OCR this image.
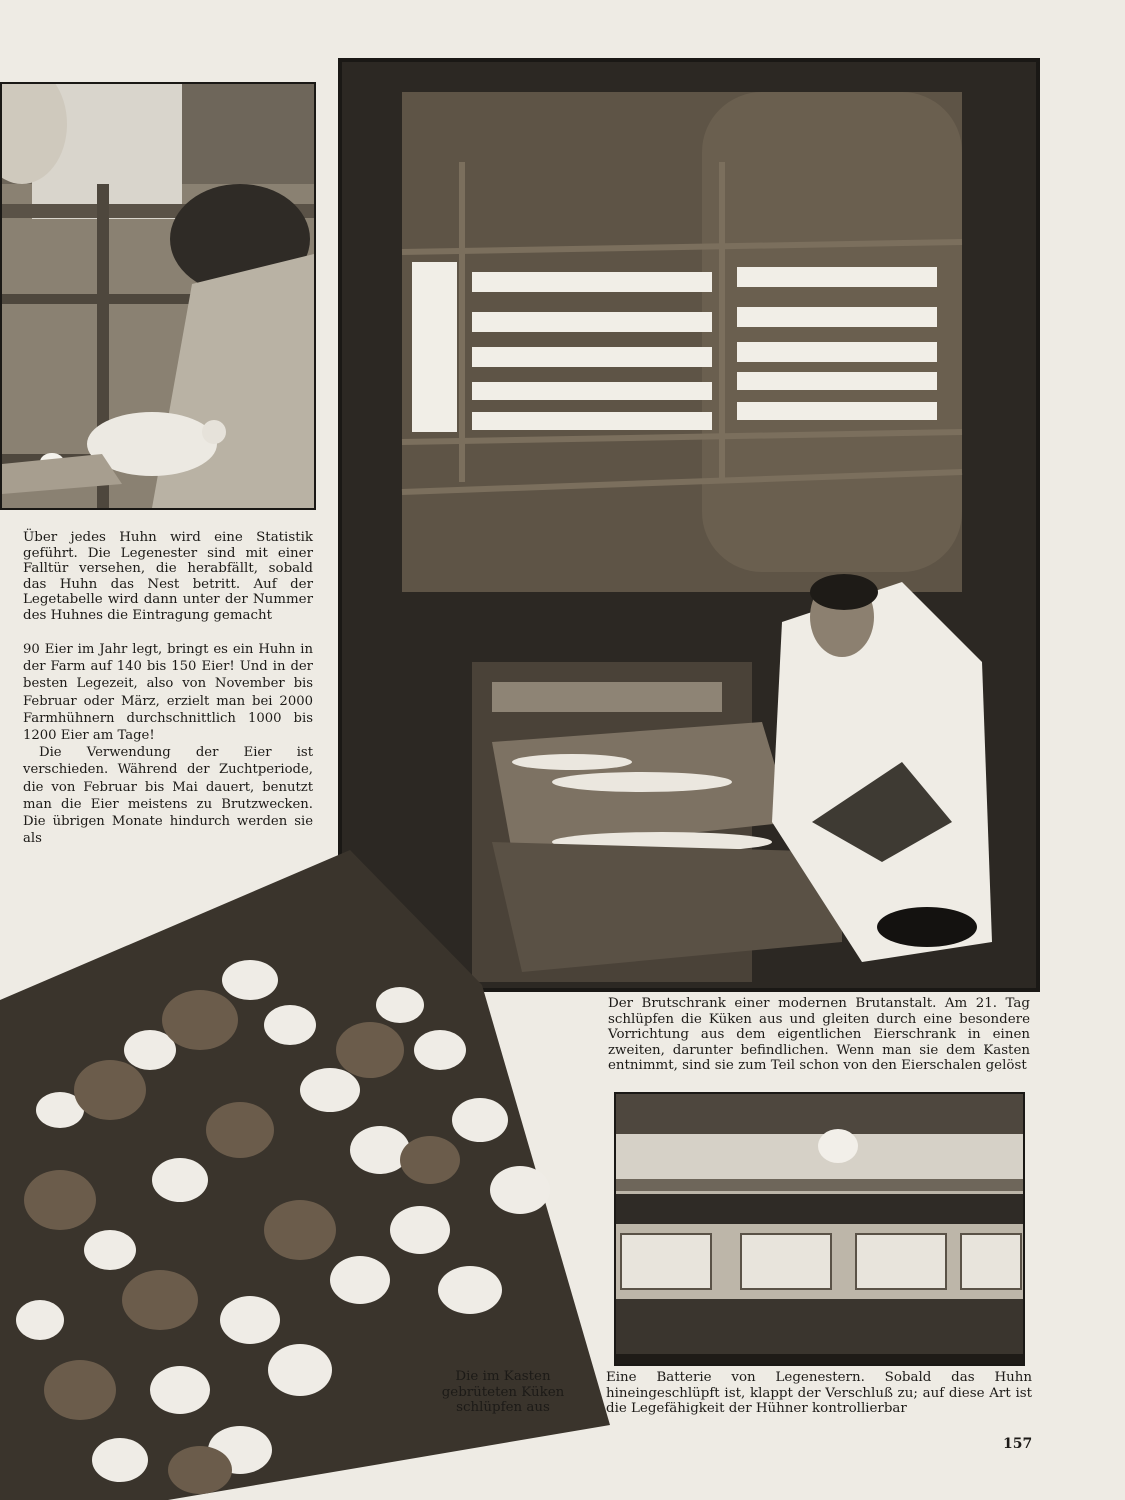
Über jedes Huhn wird eine Statistik geführt. Die Legenester sind mit einer Falltür versehen, die herabfällt, sobald das Huhn das Nest betritt. Auf der Legetabelle wird dann unter der Nummer des Huhnes die Eintragung gemacht

90 Eier im Jahr legt, bringt es ein Huhn in der Farm auf 140 bis 150 Eier! Und in der besten Legezeit, also von November bis Februar oder März, erzielt man bei 2000 Farmhühnern durchschnittlich 1000 bis 1200 Eier am Tage!

Die Verwendung der Eier ist verschieden. Während der Zuchtperiode, die von Februar bis Mai dauert, benutzt man die Eier meistens zu Brutzwecken. Die übrigen Monate hindurch werden sie als

Der Brutschrank einer modernen Brutanstalt. Am 21. Tag schlüpfen die Küken aus und gleiten durch eine besondere Vorrichtung aus dem eigentlichen Eierschrank in einen zweiten, darunter befindlichen. Wenn man sie dem Kasten entnimmt, sind sie zum Teil schon von den Eierschalen gelöst
Die im Kasten gebrüteten Küken schlüpfen aus
Eine Batterie von Legenestern. Sobald das Huhn hineingeschlüpft ist, klappt der Verschluß zu; auf diese Art ist die Legefähigkeit der Hühner kontrollierbar
157
